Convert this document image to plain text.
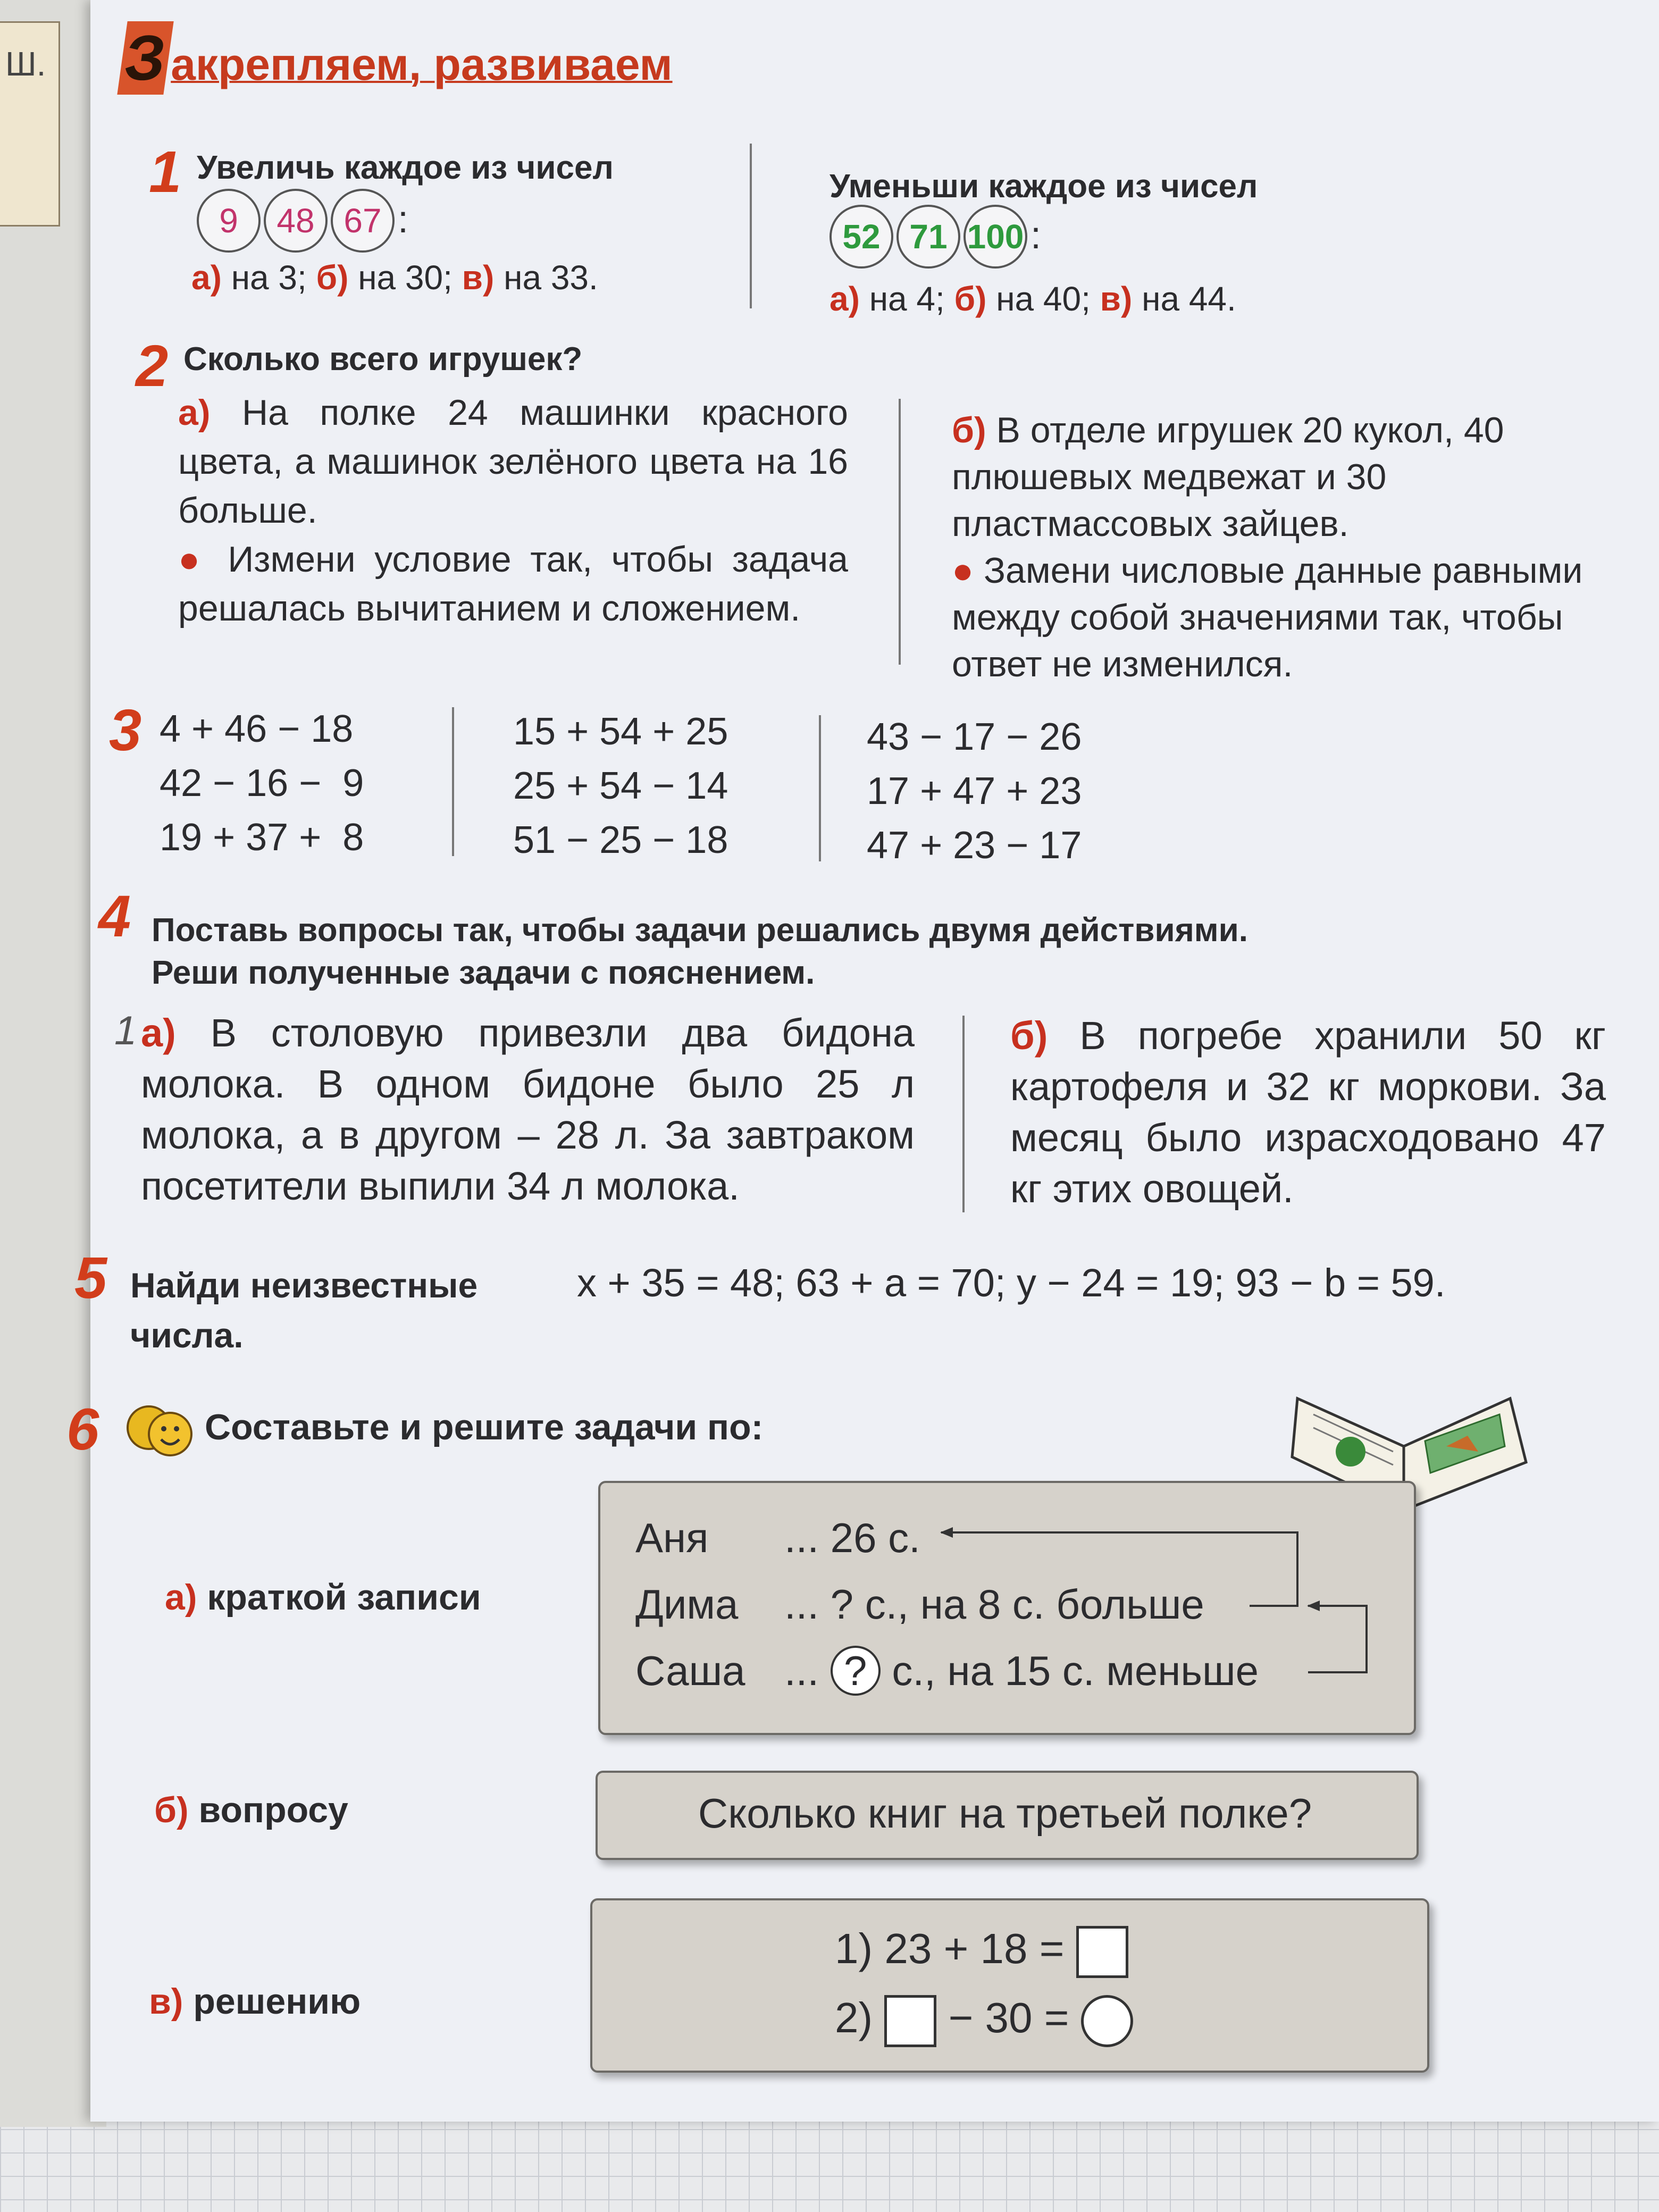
Ш. Закрепляем, развиваем
1 Увеличь каждое из чисел
9 48 67 :
а) на 3; б) на 30; в) на 33.
Уменьши каждое из чисел
52 71 100 :
а) на 4; б) на 40; в) на 44.
2 Сколько всего игрушек?
а) На полке 24 машинки красного цвета, а машинок зелёного цвета на 16 больше.
● Измени условие так, чтобы задача решалась вычитанием и сложением.
б) В отделе игрушек 20 кукол, 40 плюшевых медвежат и 30 пластмассовых зайцев.
● Замени числовые данные равными между собой значениями так, чтобы ответ не изменился.
3 4 + 46 − 18
42 − 16 −  9
19 + 37 +  8
15 + 54 + 25
25 + 54 − 14
51 − 25 − 18
43 − 17 − 26
17 + 47 + 23
47 + 23 − 17
4 Поставь вопросы так, чтобы задачи решались двумя действиями.
Реши полученные задачи с пояснением.
1 а) В столовую привезли два бидона молока. В одном бидоне было 25 л молока, а в другом – 28 л. За завтраком посетители выпили 34 л молока.
б) В погребе хранили 50 кг картофеля и 32 кг моркови. За месяц было израсходовано 47 кг этих овощей.
5 Найди неизвестные
числа.
x + 35 = 48; 63 + a = 70; y − 24 = 19; 93 − b = 59.
6	Составьте и решите задачи по:
а) краткой записи
Аня ... 26 с.
Дима ... ? с., на 8 с. больше
Саша ... ? с., на 15 с. меньше
б) вопросу	Сколько книг на третьей полке?
в) решению
1) 23 + 18 =
2) − 30 =
